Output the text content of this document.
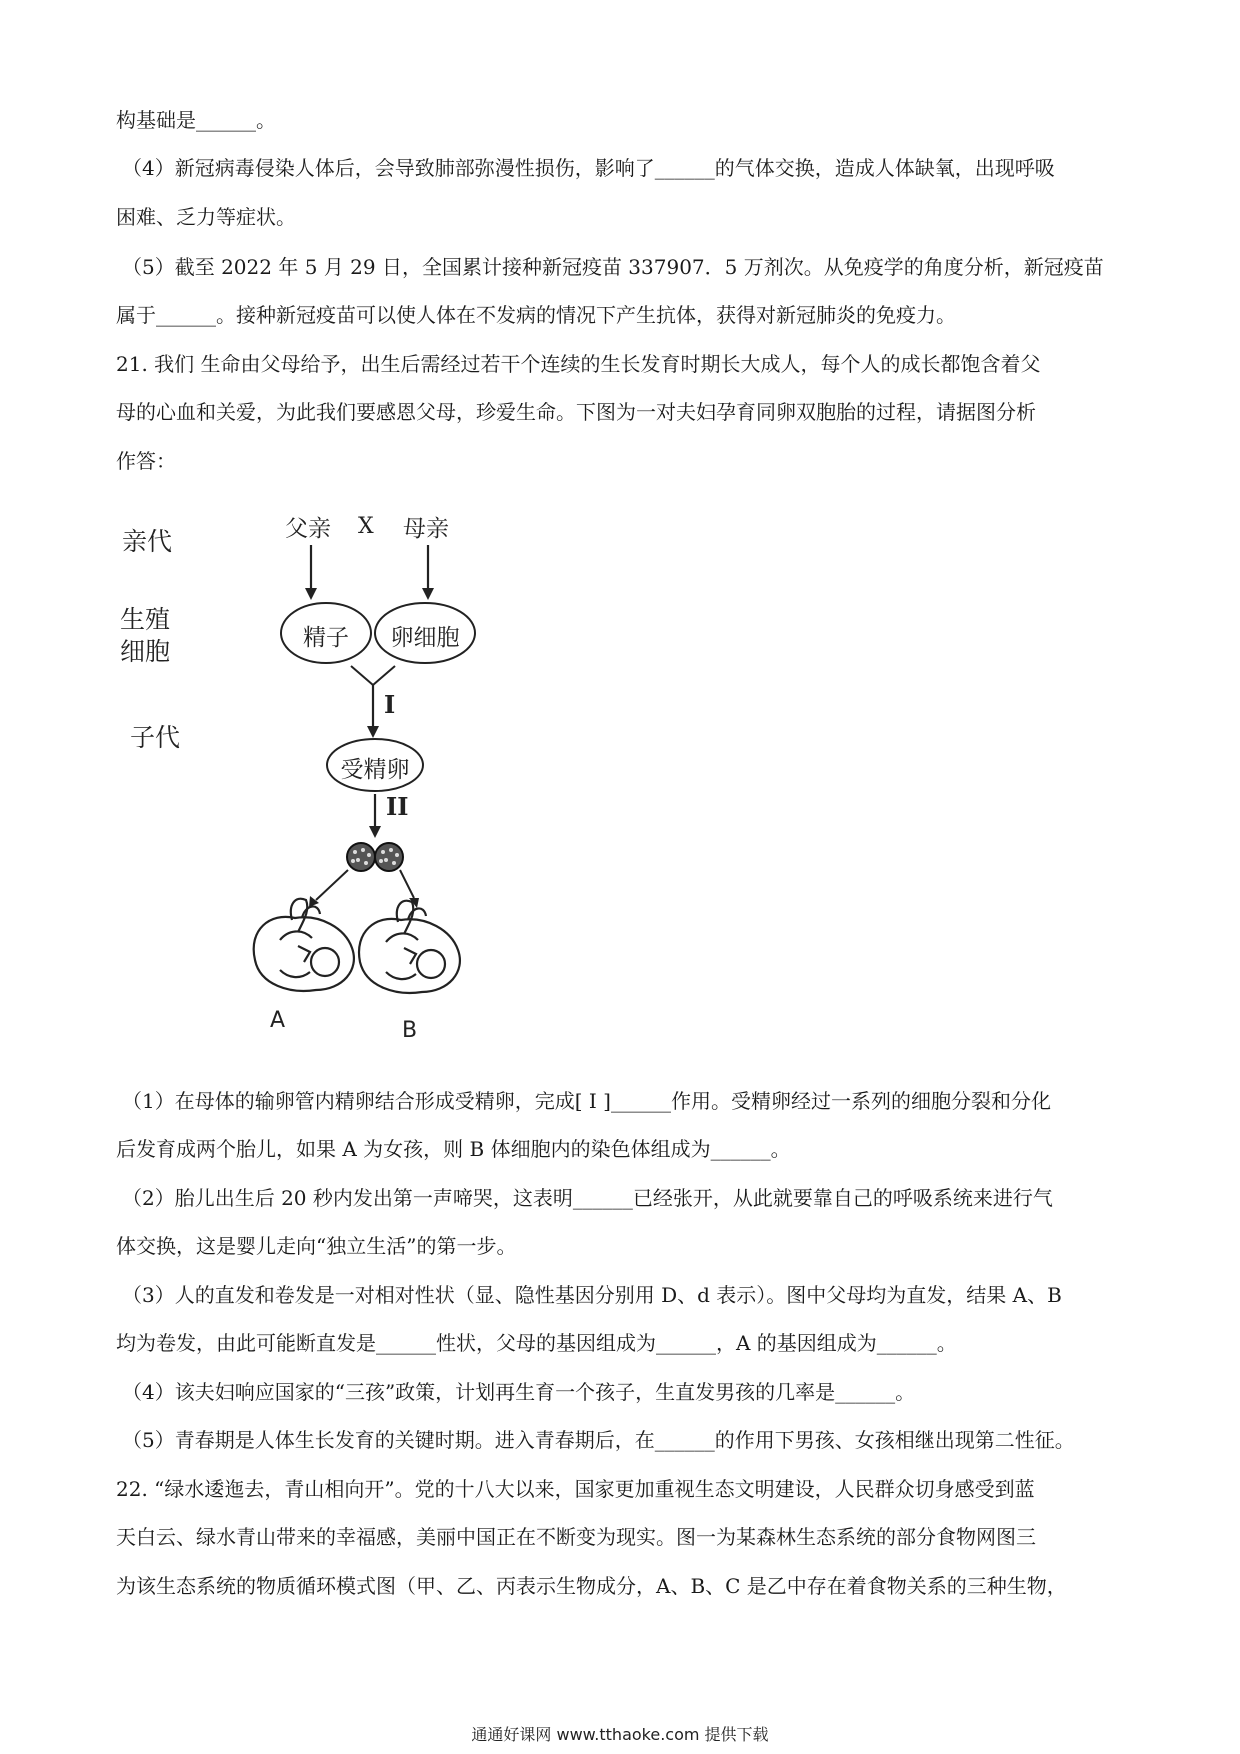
构基础是______。
（4）新冠病毒侵染人体后，会导致肺部弥漫性损伤，影响了______的气体交换，造成人体缺氧，出现呼吸
困难、乏力等症状。
（5）截至 2022 年 5 月 29 日，全国累计接种新冠疫苗 337907．5 万剂次。从免疫学的角度分析，新冠疫苗
属于______。接种新冠疫苗可以使人体在不发病的情况下产生抗体，获得对新冠肺炎的免疫力。
21. 我们 生命由父母给予，出生后需经过若干个连续的生长发育时期长大成人，每个人的成长都饱含着父
母的心血和关爱，为此我们要感恩父母，珍爱生命。下图为一对夫妇孕育同卵双胞胎的过程，请据图分析
作答：
亲代
生殖
细胞
子代
父亲 X 母亲
精子	卵细胞
I
受精卵
II
A	B
（1）在母体的输卵管内精卵结合形成受精卵，完成[ I ]______作用。受精卵经过一系列的细胞分裂和分化
后发育成两个胎儿，如果 A 为女孩，则 B 体细胞内的染色体组成为______。
（2）胎儿出生后 20 秒内发出第一声啼哭，这表明______已经张开，从此就要靠自己的呼吸系统来进行气
体交换，这是婴儿走向“独立生活”的第一步。
（3）人的直发和卷发是一对相对性状（显、隐性基因分别用 D、d 表示）。图中父母均为直发，结果 A、B
均为卷发，由此可能断直发是______性状，父母的基因组成为______，A 的基因组成为______。
（4）该夫妇响应国家的“三孩”政策，计划再生育一个孩子，生直发男孩的几率是______。
（5）青春期是人体生长发育的关键时期。进入青春期后，在______的作用下男孩、女孩相继出现第二性征。
22. “绿水逶迤去，青山相向开”。党的十八大以来，国家更加重视生态文明建设，人民群众切身感受到蓝
天白云、绿水青山带来的幸福感，美丽中国正在不断变为现实。图一为某森林生态系统的部分食物网图三
为该生态系统的物质循环模式图（甲、乙、丙表示生物成分，A、B、C 是乙中存在着食物关系的三种生物，
通通好课网 www.tthaoke.com 提供下载
